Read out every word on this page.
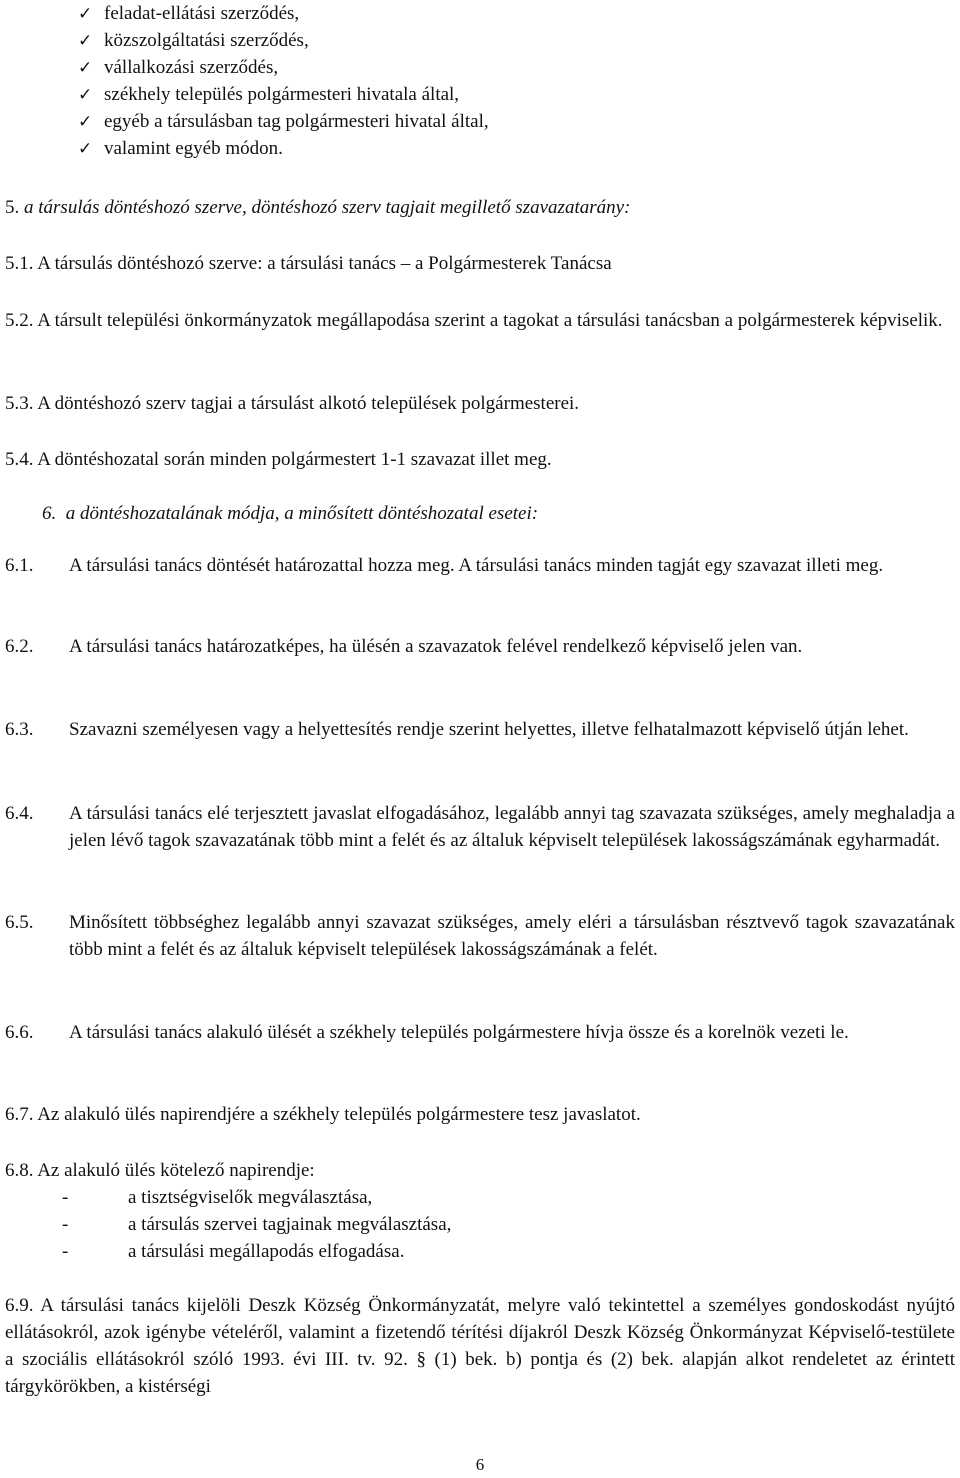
✓ feladat-ellátási szerződés,
✓ közszolgáltatási szerződés,
✓ vállalkozási szerződés,
✓ székhely település polgármesteri hivatala által,
✓ egyéb a társulásban tag polgármesteri hivatal által,
✓ valamint egyéb módon.
5. a társulás döntéshozó szerve, döntéshozó szerv tagjait megillető szavazatarány:
5.1. A társulás döntéshozó szerve: a társulási tanács – a Polgármesterek Tanácsa
5.2. A társult települési önkormányzatok megállapodása szerint a tagokat a társulási tanácsban a polgármesterek képviselik.
5.3. A döntéshozó szerv tagjai a társulást alkotó települések polgármesterei.
5.4. A döntéshozatal során minden polgármestert 1-1 szavazat illet meg.
6. a döntéshozatalának módja, a minősített döntéshozatal esetei:
6.1. A társulási tanács döntését határozattal hozza meg. A társulási tanács minden tagját egy szavazat illeti meg.
6.2. A társulási tanács határozatképes, ha ülésén a szavazatok felével rendelkező képviselő jelen van.
6.3. Szavazni személyesen vagy a helyettesítés rendje szerint helyettes, illetve felhatalmazott képviselő útján lehet.
6.4. A társulási tanács elé terjesztett javaslat elfogadásához, legalább annyi tag szavazata szükséges, amely meghaladja a jelen lévő tagok szavazatának több mint a felét és az általuk képviselt települések lakosságszámának egyharmadát.
6.5. Minősített többséghez legalább annyi szavazat szükséges, amely eléri a társulásban résztvevő tagok szavazatának több mint a felét és az általuk képviselt települések lakosságszámának a felét.
6.6. A társulási tanács alakuló ülését a székhely település polgármestere hívja össze és a korelnök vezeti le.
6.7. Az alakuló ülés napirendjére a székhely település polgármestere tesz javaslatot.
6.8. Az alakuló ülés kötelező napirendje:
-	a tisztségviselők megválasztása,
-	a társulás szervei tagjainak megválasztása,
-	a társulási megállapodás elfogadása.
6.9. A társulási tanács kijelöli Deszk Község Önkormányzatát, melyre való tekintettel a személyes gondoskodást nyújtó ellátásokról, azok igénybe vételéről, valamint a fizetendő térítési díjakról Deszk Község Önkormányzat Képviselő-testülete a szociális ellátásokról szóló 1993. évi III. tv. 92. § (1) bek. b) pontja és (2) bek. alapján alkot rendeletet az érintett tárgykörökben, a kistérségi
6
